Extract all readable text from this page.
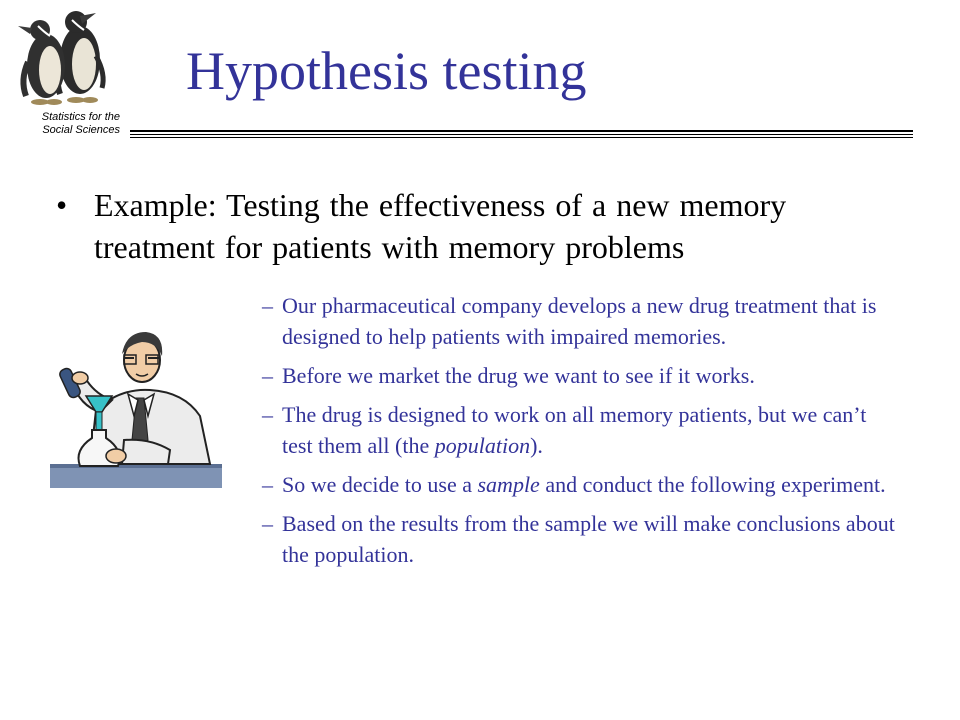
Statistics for the
Social Sciences
Hypothesis testing
• Example: Testing the effectiveness of a new memory treatment for patients with memory problems
– Our pharmaceutical company develops a new drug treatment that is designed to help patients with impaired memories.
– Before we market the drug we want to see if it works.
– The drug is designed to work on all memory patients, but we can’t test them all (the population).
– So we decide to use a sample and conduct the following experiment.
– Based on the results from the sample we will make conclusions about the population.
